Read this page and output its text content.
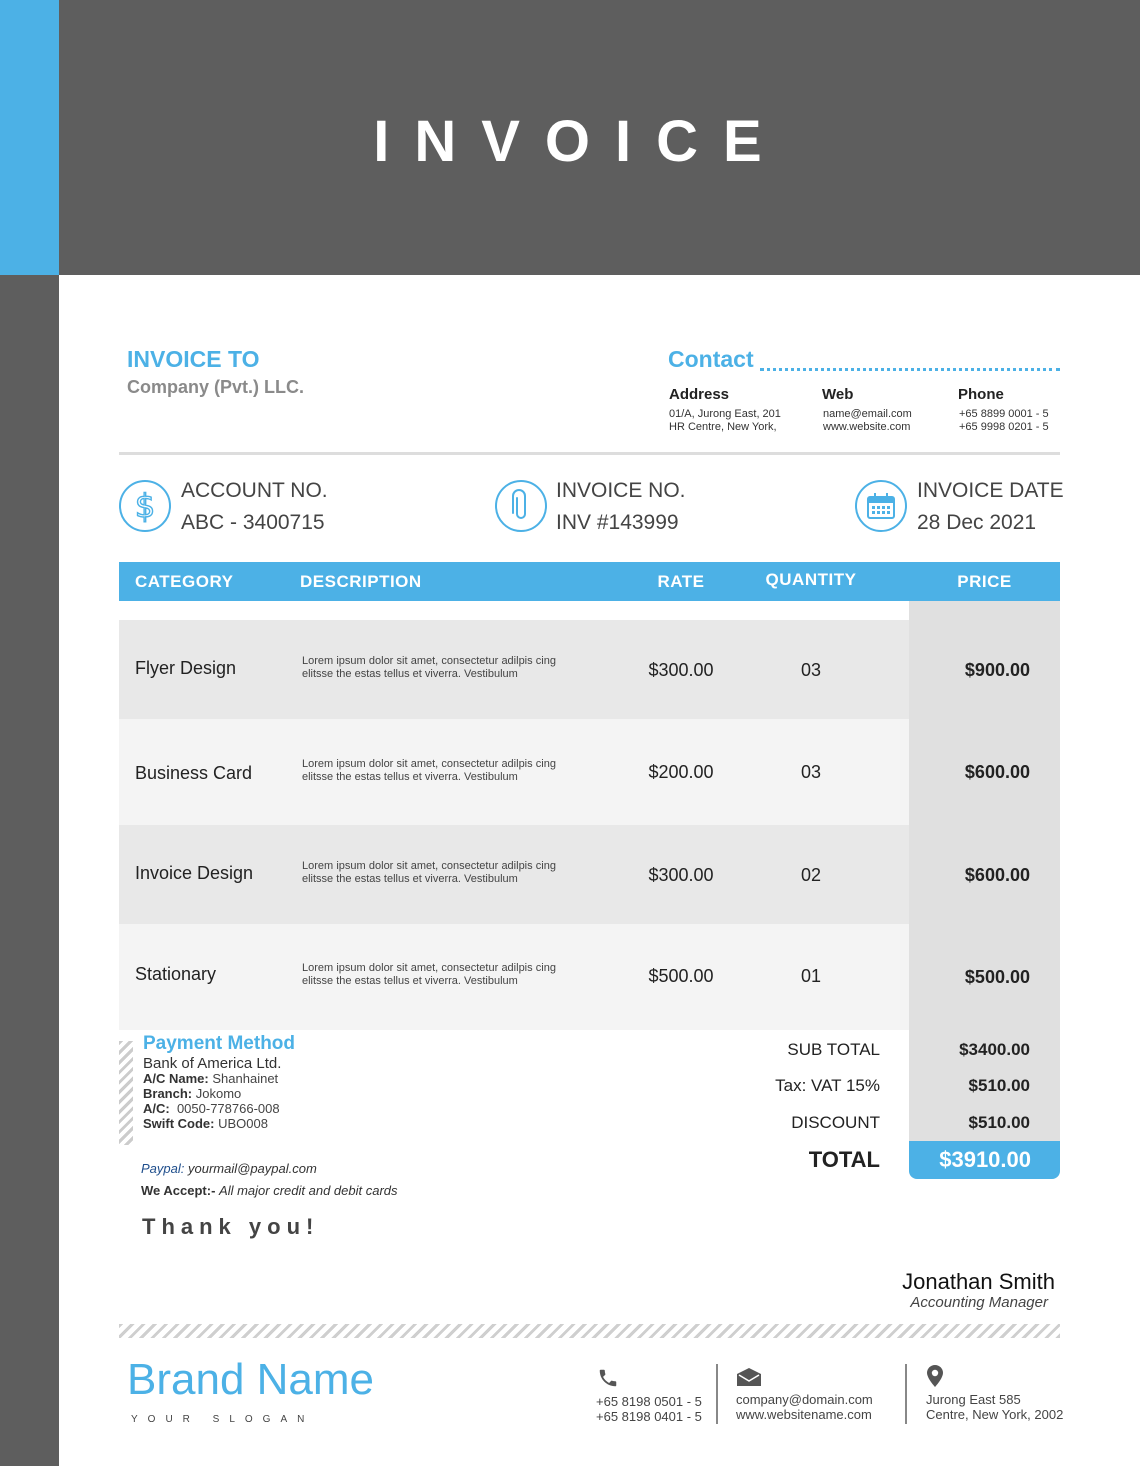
INVOICE
INVOICE TO
Company (Pvt.) LLC.
Contact
Address
01/A, Jurong East, 201
HR Centre, New York,
Web
name@email.com
www.website.com
Phone
+65 8899 0001 - 5
+65 9998 0201 - 5
$ ACCOUNT NO.
ABC - 3400715
INVOICE NO.
INV #143999
INVOICE DATE
28 Dec 2021
CATEGORY	DESCRIPTION	RATE	QUANTITY	PRICE
Flyer Design	Lorem ipsum dolor sit amet, consectetur adilpis cing elitsse the estas tellus et viverra. Vestibulum	$300.00	03	$900.00
Business Card	Lorem ipsum dolor sit amet, consectetur adilpis cing elitsse the estas tellus et viverra. Vestibulum	$200.00	03	$600.00
Invoice Design	Lorem ipsum dolor sit amet, consectetur adilpis cing elitsse the estas tellus et viverra. Vestibulum	$300.00	02	$600.00
Stationary	Lorem ipsum dolor sit amet, consectetur adilpis cing elitsse the estas tellus et viverra. Vestibulum	$500.00	01	$500.00
Payment Method
Bank of America Ltd.
A/C Name: Shanhainet
Branch: Jokomo
A/C: 0050-778766-008
Swift Code: UBO008
SUB TOTAL	$3400.00
Tax: VAT 15%	$510.00
DISCOUNT	$510.00
TOTAL	$3910.00
Paypal: yourmail@paypal.com
We Accept:- All major credit and debit cards
Thank you!
Jonathan Smith
Accounting Manager
Brand Name
YOUR SLOGAN
+65 8198 0501 - 5
+65 8198 0401 - 5
company@domain.com
www.websitename.com
Jurong East 585
Centre, New York, 2002
